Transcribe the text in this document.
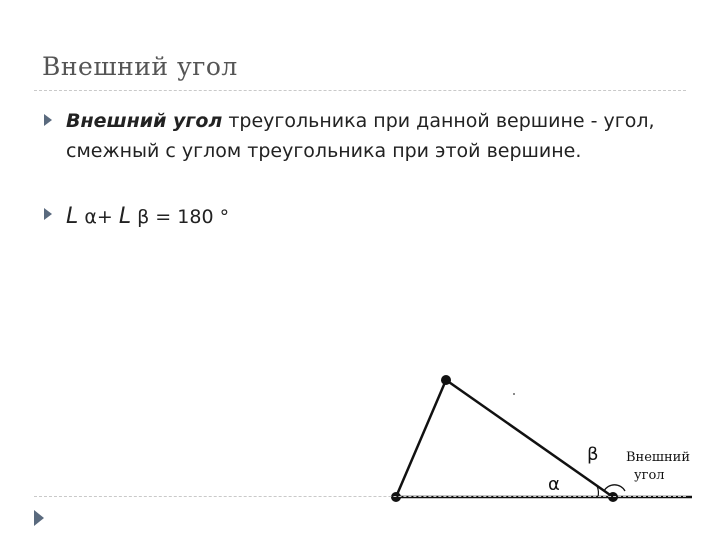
Внешний угол
Внешний угол треугольника при данной вершине - угол, смежный с углом треугольника при этой вершине.
L α+ L β = 180 °
α
β Внешний
угол
